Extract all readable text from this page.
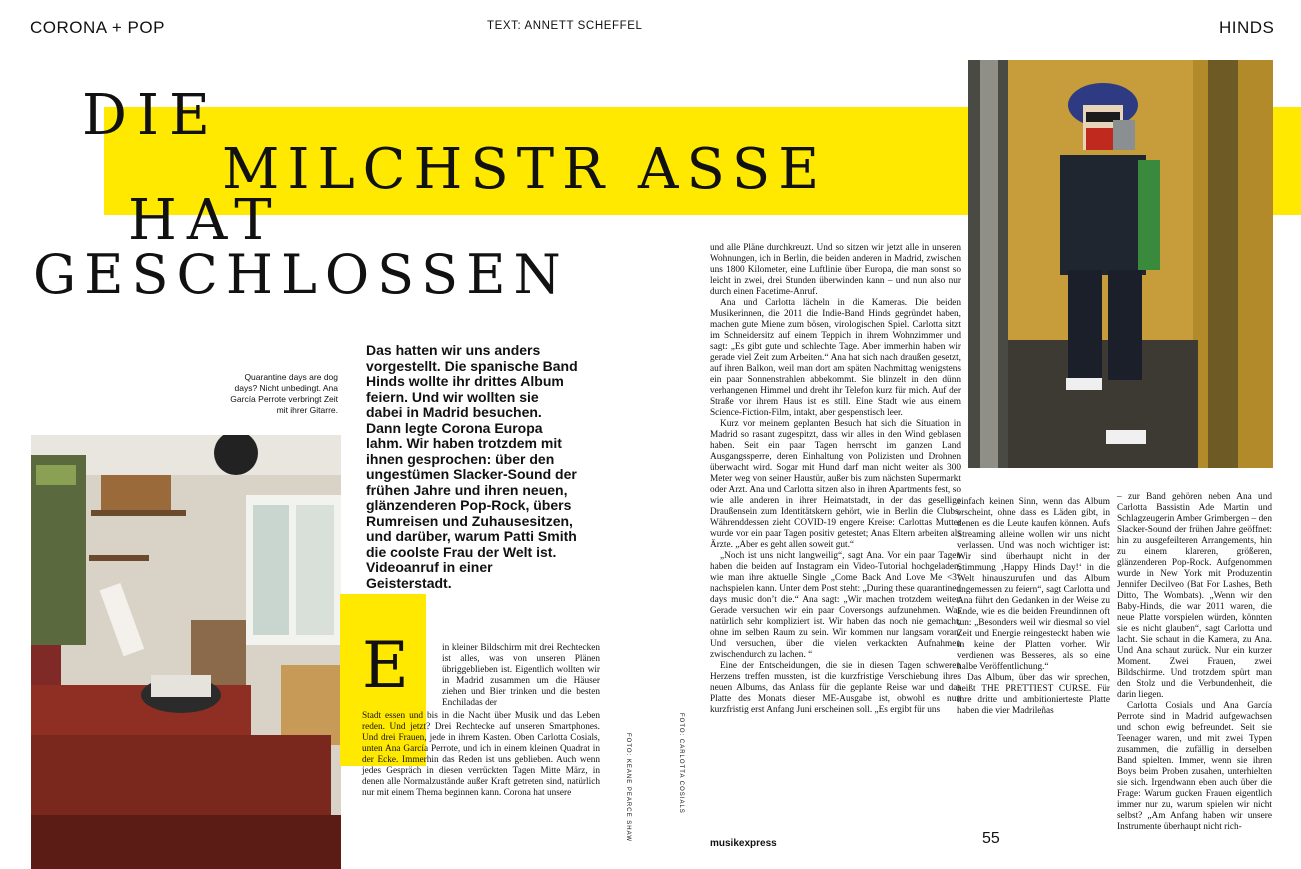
CORONA + POP	TEXT: ANNETT SCHEFFEL	HINDS
DIE
MILCHSTR ASSE
HAT
GESCHLOSSEN
Quarantine days are dog days? Nicht unbedingt. Ana García Perrote verbringt Zeit mit ihrer Gitarre.
Das hatten wir uns anders vorgestellt. Die spanische Band Hinds wollte ihr drittes Album feiern. Und wir wollten sie dabei in Madrid besuchen. Dann legte Corona Europa lahm. Wir haben trotzdem mit ihnen gesprochen: über den ungestümen Slacker-Sound der frühen Jahre und ihren neuen, glänzenderen Pop-Rock, übers Rumreisen und Zuhausesitzen, und darüber, warum Patti Smith die coolste Frau der Welt ist. Videoanruf in einer Geisterstadt.
E	in kleiner Bildschirm mit drei Rechtecken ist alles, was von unseren Plänen übriggeblieben ist. Eigentlich wollten wir in Madrid zusammen um die Häuser ziehen und Bier trinken und die besten Enchiladas der
Stadt essen und bis in die Nacht über Musik und das Leben reden. Und jetzt? Drei Rechtecke auf unseren Smartphones. Und drei Frauen, jede in ihrem Kasten. Oben Carlotta Cosials, unten Ana García Perrote, und ich in einem kleinen Quadrat in der Ecke. Immerhin das Reden ist uns geblieben. Auch wenn jedes Gespräch in diesen verrückten Tagen Mitte März, in denen alle Normalzustände außer Kraft getreten sind, natürlich nur mit einem Thema beginnen kann. Corona hat unsere
und alle Pläne durchkreuzt. Und so sitzen wir jetzt alle in unseren Wohnungen, ich in Berlin, die beiden anderen in Madrid, zwischen uns 1800 Kilometer, eine Luftlinie über Europa, die man sonst so leicht in zwei, drei Stunden überwinden kann – und nun also nur durch einen Facetime-Anruf.
Ana und Carlotta lächeln in die Kameras. Die beiden Musikerinnen, die 2011 die Indie-Band Hinds gegründet haben, machen gute Miene zum bösen, virologischen Spiel. Carlotta sitzt im Schneidersitz auf einem Teppich in ihrem Wohnzimmer und sagt: „Es gibt gute und schlechte Tage. Aber immerhin haben wir gerade viel Zeit zum Arbeiten.“ Ana hat sich nach draußen gesetzt, auf ihren Balkon, weil man dort am späten Nachmittag wenigstens ein paar Sonnenstrahlen abbekommt. Sie blinzelt in den dünn verhangenen Himmel und dreht ihr Telefon kurz für mich. Auf der Straße vor ihrem Haus ist es still. Eine Stadt wie aus einem Science-Fiction-Film, intakt, aber gespenstisch leer.
Kurz vor meinem geplanten Besuch hat sich die Situation in Madrid so rasant zugespitzt, dass wir alles in den Wind geblasen haben. Seit ein paar Tagen herrscht im ganzen Land Ausgangssperre, deren Einhaltung von Polizisten und Drohnen überwacht wird. Sogar mit Hund darf man nicht weiter als 300 Meter weg von seiner Haustür, außer bis zum nächsten Supermarkt oder Arzt. Ana und Carlotta sitzen also in ihren Apartments fest, so wie alle anderen in ihrer Heimatstadt, in der das gesellige Draußensein zum Identitätskern gehört, wie in Berlin die Clubs. Währenddessen zieht COVID-19 engere Kreise: Carlottas Mutter wurde vor ein paar Tagen positiv getestet; Anas Eltern arbeiten als Ärzte. „Aber es geht allen soweit gut.“
„Noch ist uns nicht langweilig“, sagt Ana. Vor ein paar Tagen haben die beiden auf Instagram ein Video-Tutorial hochgeladen, wie man ihre aktuelle Single „Come Back And Love Me <3“ nachspielen kann. Unter dem Post steht: „During these quarantined days music don’t die.“ Ana sagt: „Wir machen trotzdem weiter. Gerade versuchen wir ein paar Coversongs aufzunehmen. Was natürlich sehr kompliziert ist. Wir haben das noch nie gemacht, ohne im selben Raum zu sein. Wir kommen nur langsam voran. Und versuchen, über die vielen verkackten Aufnahmen zwischendurch zu lachen. “
Eine der Entscheidungen, die sie in diesen Tagen schweren Herzens treffen mussten, ist die kurzfristige Verschiebung ihres neuen Albums, das Anlass für die geplante Reise war und das Platte des Monats dieser ME-Ausgabe ist, obwohl es nun kurzfristig erst Anfang Juni erscheinen soll. „Es ergibt für uns
einfach keinen Sinn, wenn das Album erscheint, ohne dass es Läden gibt, in denen es die Leute kaufen können. Aufs Streaming alleine wollen wir uns nicht verlassen. Und was noch wichtiger ist: Wir sind überhaupt nicht in der Stimmung ‚Happy Hinds Day!‘ in die Welt hinauszurufen und das Album angemessen zu feiern“, sagt Carlotta und Ana führt den Gedanken in der Weise zu Ende, wie es die beiden Freundinnen oft tun: „Besonders weil wir diesmal so viel Zeit und Energie reingesteckt haben wie in keine der Platten vorher. Wir verdienen was Besseres, als so eine halbe Veröffentlichung.“
Das Album, über das wir sprechen, heißt THE PRETTIEST CURSE. Für ihre dritte und ambitionierteste Platte haben die vier Madrileñas
– zur Band gehören neben Ana und Carlotta Bassistin Ade Martin und Schlagzeugerin Amber Grimbergen – den Slacker-Sound der frühen Jahre geöffnet: hin zu ausgefeilteren Arrangements, hin zu einem klareren, größeren, glänzenderen Pop-Rock. Aufgenommen wurde in New York mit Produzentin Jennifer Decilveo (Bat For Lashes, Beth Ditto, The Wombats). „Wenn wir den Baby-Hinds, die war 2011 waren, die neue Platte vorspielen würden, könnten sie es nicht glauben“, sagt Carlotta und lacht. Sie schaut in die Kamera, zu Ana. Und Ana schaut zurück. Nur ein kurzer Moment. Zwei Frauen, zwei Bildschirme. Und trotzdem spürt man den Stolz und die Verbundenheit, die darin liegen.
Carlotta Cosials und Ana García Perrote sind in Madrid aufgewachsen und schon ewig befreundet. Seit sie Teenager waren, und mit zwei Typen zusammen, die zufällig in derselben Band spielten. Immer, wenn sie ihren Boys beim Proben zusahen, unterhielten sie sich. Irgendwann eben auch über die Frage: Warum gucken Frauen eigentlich immer nur zu, warum spielen wir nicht selbst? „Am Anfang haben wir unsere Instrumente überhaupt nicht rich-
FOTO: KEANE PEARCE SHAW	FOTO: CARLOTTA COSIALS
musikexpress	55
